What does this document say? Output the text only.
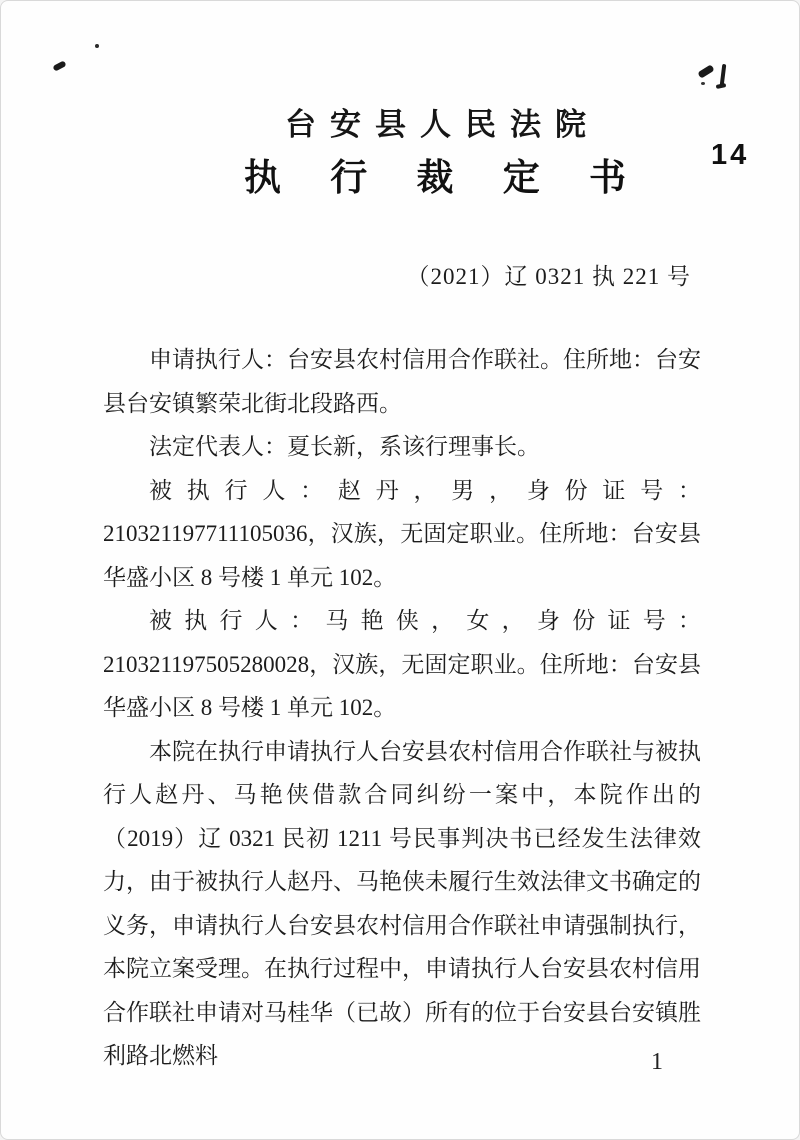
14
台安县人民法院
执 行 裁 定 书
（2021）辽 0321 执 221 号

申请执行人：台安县农村信用合作联社。住所地：台安县台安镇繁荣北街北段路西。

法定代表人：夏长新，系该行理事长。

被执行人：赵丹，男，身份证号：210321197711105036，汉族，无固定职业。住所地：台安县华盛小区 8 号楼 1 单元 102。

被执行人：马艳侠，女，身份证号：210321197505280028，汉族，无固定职业。住所地：台安县华盛小区 8 号楼 1 单元 102。

本院在执行申请执行人台安县农村信用合作联社与被执行人赵丹、马艳侠借款合同纠纷一案中，本院作出的（2019）辽 0321 民初 1211 号民事判决书已经发生法律效力，由于被执行人赵丹、马艳侠未履行生效法律文书确定的义务，申请执行人台安县农村信用合作联社申请强制执行，本院立案受理。在执行过程中，申请执行人台安县农村信用合作联社申请对马桂华（已故）所有的位于台安县台安镇胜利路北燃料	1
